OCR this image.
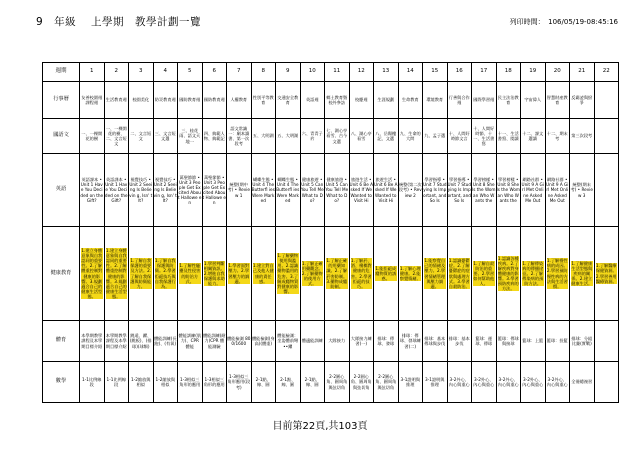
9　年級　 上學期　教學計劃一覽	列印時間：　106/05/19-08:45:16
週期	1	2	3	4	5	6	7	8	9	10	11	12	13	14	15	16	17	18	19	20	21	22
行事曆	友善校園週 課程週	生活教育週	校園美化	防災教育週	國防教育週	國防教育週	人權教育	性別平等教育	交通安全教育	英語週	鄉土教育暨校外參訪	校慶週	生涯規劃	生命教育	環境教育	行善與合作週	國際學習週	民主法治教育	宇宙偉人	智慧財產教育	反霸凌與紛爭	
國語文	一、一棵開花的樹	一、一棵開花的樹、二、文言短文	二、文言短文	三、文言短文選	三、桂花雨、語文天地一	四、典範人物、典範記	語文常識一：劇本讀書、第一次段考	五、大明湖	五、大明湖	六、青青子衿	七、湖心亭看雪、古今文選	八、湖心亭看雪	八、岳陽樓記、文選	九、生命的大問	九、孟子選	十、人間好時節文言	十、人間好時節、十一、生活書寫	十一、生活書寫、閱讀	十二、課文選讀	十二、期末考	第三次段考	
英語	英語課本 • Unit 1 Have You Decided on the Gift?	英語課本 • Unit 1 Have You Decided on the Gift?	視覺技巧 • Unit 2 Seeing Is Believin g, Isn' t It?	視覺技巧 • Unit 2 Seeing Is Believin g, Isn' t It?	萬聖節節 • Unit 3 People Get Excited About Hallowe en	萬聖節節 • Unit 3 People Get Excited About Hallowe en	統整(期中考) • Review 1	蝴蝶生態 • Unit 4 The Butterfl ies Were Marked	蝴蝶生態 • Unit 4 The Butterfl ies Were Marked	健康旅遊 • Unit 5 Can You Tell Me What to Do?	健康旅遊 • Unit 5 Can You Tell Me What to Do?	旅遊生活 • Unit 6 Be Asked If We Wanted to Visit Hi	旅遊生活 • Unit 6 Be Asked If We Wanted to Visit Hi	統整(第二次段考) • Review 2	學習指導 • Unit 7 Studying Is Important, and So Is	學習指導 • Unit 7 Studying Is Important, and So Is	學習榜樣 • Unit 8 She Is the Woman Who Wants the	學習榜樣 • Unit 8 She Is the Woman Who Wants the	網路社群 • Unit 9 A Girl Met Online Asked Me Out	網路社群 • Unit 9 A Girl Met Online Asked Me Out	統整(期末考) • Review 3	
健康教育	1.建立身體意象與自我認同的重要性。2.了解體重控制對健康的影響。3.規劃適合自己的健康生活型態。	1.建立身體意象與自我認同的重要性。2.了解體重控制對健康的影響。3.規劃適合自己的健康生活型態。	1.了解自我保護的重要及方法。2.了解自我保護與防衛能力。	1.了解自我保護與防衛。2.學習拒絕技巧與自我保護行為。	1.了解性騷擾及性侵害的防治方式。	1.學習判斷相關資訊。2.增進自我保護與求助能力。	1.學習面對壓力。2.學習壓力的調適。	1.建立對自己及他人健康的責任感。	1.了解藥物使用與濫用。2.認識藥物濫用的危害。3.了解成癮物質對健康的影響。	1.了解正確用藥觀念。2.了解藥物的使用方式。	1.了解正確的用藥知識。2.了解菸害防制。3.藥物成癮防制。	1.了解菸、酒、檳榔對健康的危害。2.學習拒絕的技巧。	1.能拒絕成癮物質的誘惑。	1.了解心理健康。2.能察覺情緒。	1.能察覺自己的情緒及壓力。2.學習情緒管理與壓力調適。	1.認識憂鬱症。2.了解憂鬱症的症狀與處理方式。3.學習自殺防治。	1.了解自殺防治的重要。2.學習如何幫助他人。	1.認識各種疾病。2.了解疾病對身體健康的影響。3.學習預防疾病的方法。	1.了解傳染病的傳播途徑。2.了解傳染病的預防方法。	1.了解慢性病的成因。2.學習預防慢性病的方法與生活習慣。	1.了解健康生活型態與疾病的關係。2.建立健康生活。	1.了解醫療保健資源。2.學習善用醫療資源。

體育	本學期教學課程及本學期目標介紹	本學期教學課程及本學期目標介紹	跳遠、躍、(跳板)、(排球)(球類)	體能訓練(長跑)、(有氧)	體能訓練(肌力)、CPR 體能	體能訓練(耐力)CPR 體能測驗	體能檢測 800/1600	體能檢測(身高)(體重)	體能檢測：坐姿體前彎 ••躍	體適能訓練	大隊接力	大隊接力練習(一)	排球：傳球、發球	排球：傳球、發球練習(二)	排球：基本傳球與步伐	排球：基本步伐	籃球：運球、傳球	籃球：傳球與接球	籃球：上籃	籃球：投籃	排球：分組比賽(實戰)	
數學	1-1比例線段	1-1比例線段	1-2縮放與相似	1-2縮放與相似	1-3相似三角形的應用	1-3相似三角形的應用	1-3相似三角形應用(段考)	2-1點、線、圓	2-1點、線、圓	2-1點、線、圓	2-2圓心角、圓周角與弦切角	2-2圓心角、圓周角與弦切角	2-2圓心角、圓周角與弦切角	3-1證明與推理	3-1證明與推理	3-2外心、內心與重心	3-2外心、內心與重心	3-2外心、內心與重心	3-2外心、內心與重心	3-2外心、內心與重心	全冊總複習	
目前第22頁,共103頁
